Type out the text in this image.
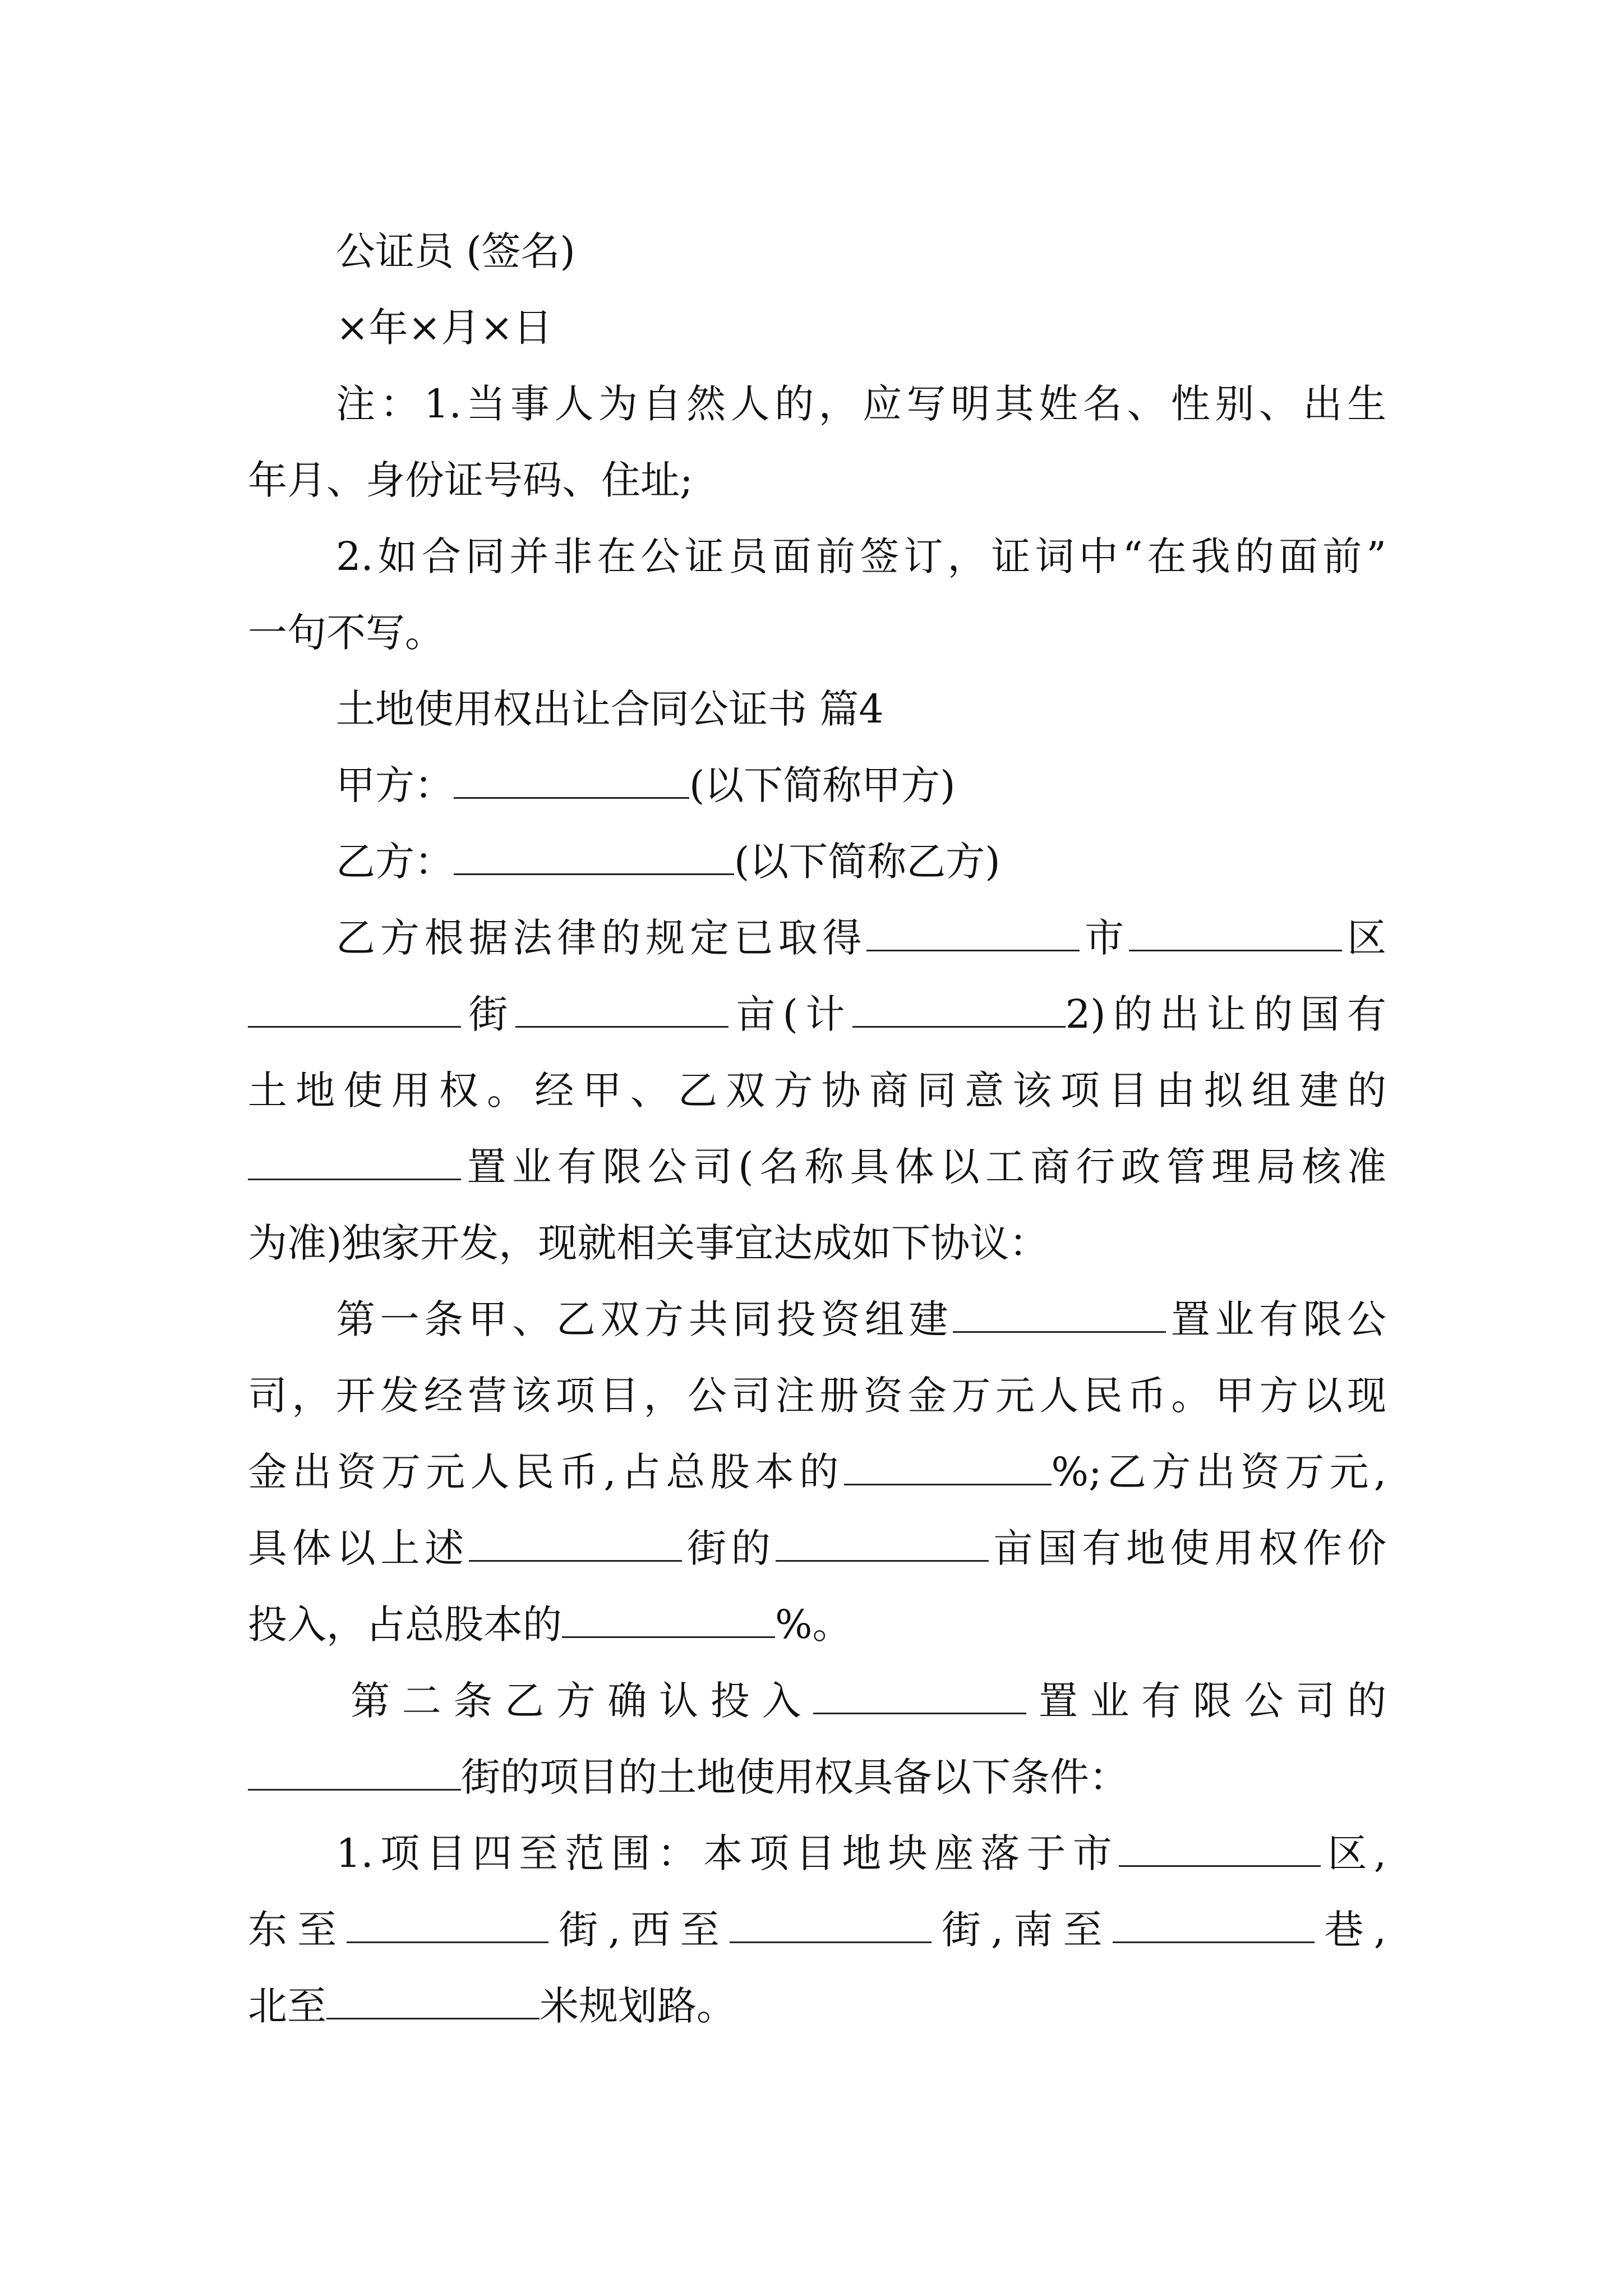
公证员 (签名)
×年×月×日
注：1.当事人为自然人的，应写明其姓名、性别、出生
年月、身份证号码、住址;
2.如合同并非在公证员面前签订，证词中“在我的面前”
一句不写。
土地使用权出让合同公证书 篇4
甲方：	(以下简称甲方)
乙方：	(以下简称乙方)
乙方根据法律的规定已取得	市	区
街	亩(计	2)的出让的国有
土地使用权。经甲、乙双方协商同意该项目由拟组建的
置业有限公司(名称具体以工商行政管理局核准
为准)独家开发，现就相关事宜达成如下协议：
第一条甲、乙双方共同投资组建	置业有限公
司，开发经营该项目，公司注册资金万元人民币。甲方以现
金出资万元人民币,占总股本的	%;乙方出资万元,
具体以上述	街的	亩国有地使用权作价
投入，占总股本的	%。
第二条乙方确认投入	置业有限公司的
街的项目的土地使用权具备以下条件：
1.项目四至范围：本项目地块座落于市	区,
东至	街,西至	街,南至	巷,
北至	米规划路。
